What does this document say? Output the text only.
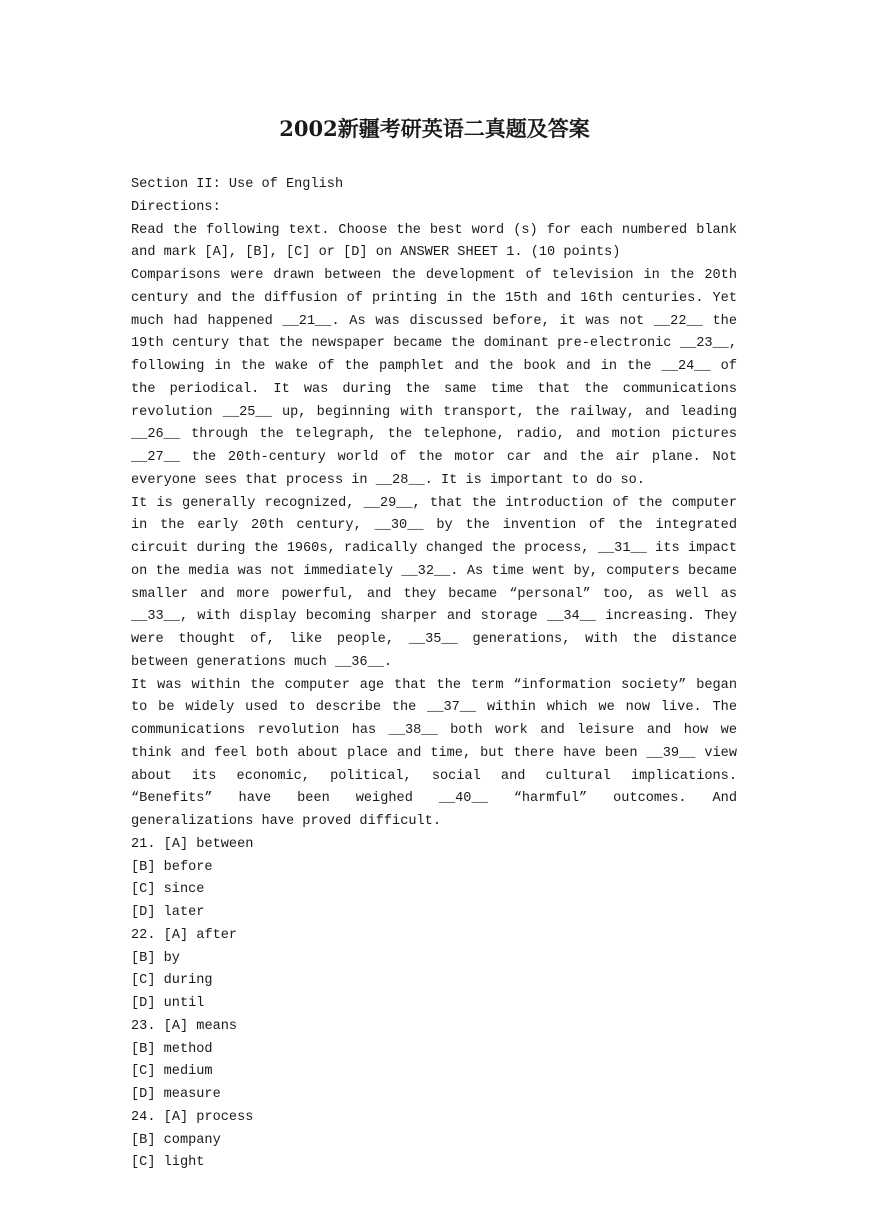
2002新疆考研英语二真题及答案

Section II: Use of English

Directions:

Read the following text. Choose the best word (s) for each numbered blank and mark [A], [B], [C] or [D] on ANSWER SHEET 1. (10 points)

Comparisons were drawn between the development of television in the 20th century and the diffusion of printing in the 15th and 16th centuries. Yet much had happened __21__. As was discussed before, it was not __22__ the 19th century that the newspaper became the dominant pre-electronic __23__, following in the wake of the pamphlet and the book and in the __24__ of the periodical. It was during the same time that the communications revolution __25__ up, beginning with transport, the railway, and leading __26__ through the telegraph, the telephone, radio, and motion pictures __27__ the 20th-century world of the motor car and the air plane. Not everyone sees that process in __28__. It is important to do so.

It is generally recognized, __29__, that the introduction of the computer in the early 20th century, __30__ by the invention of the integrated circuit during the 1960s, radically changed the process, __31__ its impact on the media was not immediately __32__. As time went by, computers became smaller and more powerful, and they became “personal” too, as well as __33__, with display becoming sharper and storage __34__ increasing. They were thought of, like people, __35__ generations, with the distance between generations much __36__.

It was within the computer age that the term “information society” began to be widely used to describe the __37__ within which we now live. The communications revolution has __38__ both work and leisure and how we think and feel both about place and time, but there have been __39__ view about its economic, political, social and cultural implications. “Benefits” have been weighed __40__ “harmful” outcomes. And generalizations have proved difficult.

21. [A] between

[B] before

[C] since

[D] later

22. [A] after

[B] by

[C] during

[D] until

23. [A] means

[B] method

[C] medium

[D] measure

24. [A] process

[B] company

[C] light
